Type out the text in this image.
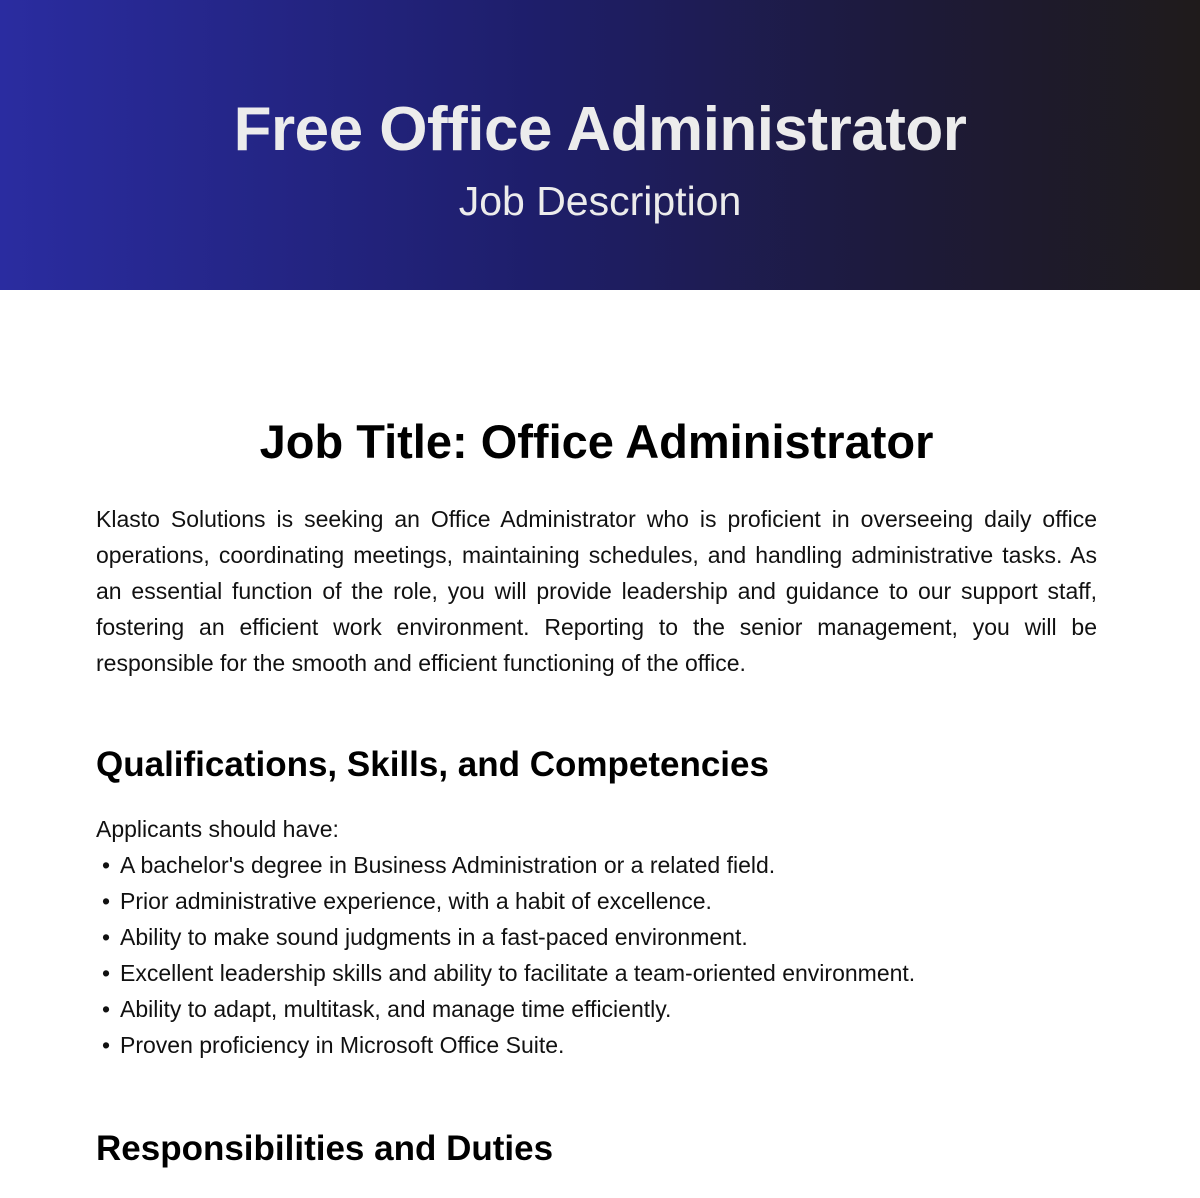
Free Office Administrator
Job Description
Job Title: Office Administrator

Klasto Solutions is seeking an Office Administrator who is proficient in overseeing daily office operations, coordinating meetings, maintaining schedules, and handling administrative tasks. As an essential function of the role, you will provide leadership and guidance to our support staff, fostering an efficient work environment. Reporting to the senior management, you will be responsible for the smooth and efficient functioning of the office.

Qualifications, Skills, and Competencies

Applicants should have:

• A bachelor's degree in Business Administration or a related field.
• Prior administrative experience, with a habit of excellence.
• Ability to make sound judgments in a fast-paced environment.
• Excellent leadership skills and ability to facilitate a team-oriented environment.
• Ability to adapt, multitask, and manage time efficiently.
• Proven proficiency in Microsoft Office Suite.
Responsibilities and Duties
